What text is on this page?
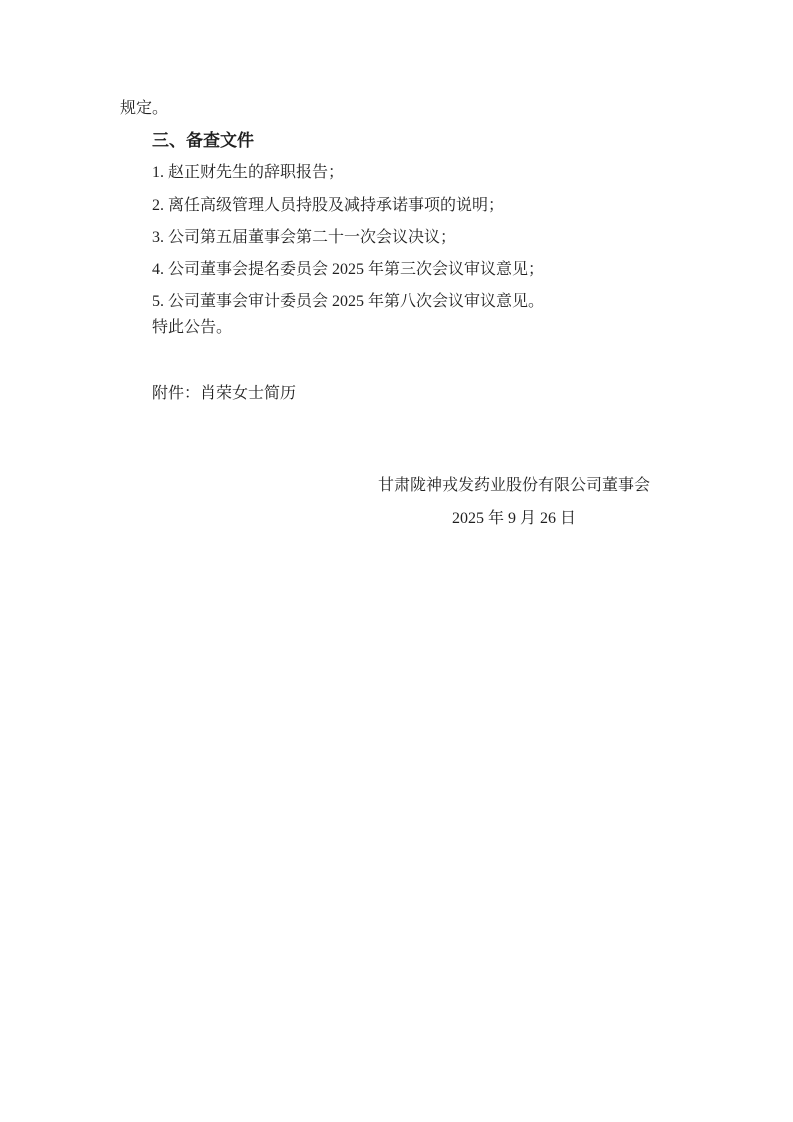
规定。
三、备查文件
1. 赵正财先生的辞职报告；
2. 离任高级管理人员持股及减持承诺事项的说明；
3. 公司第五届董事会第二十一次会议决议；
4. 公司董事会提名委员会 2025 年第三次会议审议意见；
5. 公司董事会审计委员会 2025 年第八次会议审议意见。
特此公告。
附件：肖荣女士简历
甘肃陇神戎发药业股份有限公司董事会
2025 年 9 月 26 日
